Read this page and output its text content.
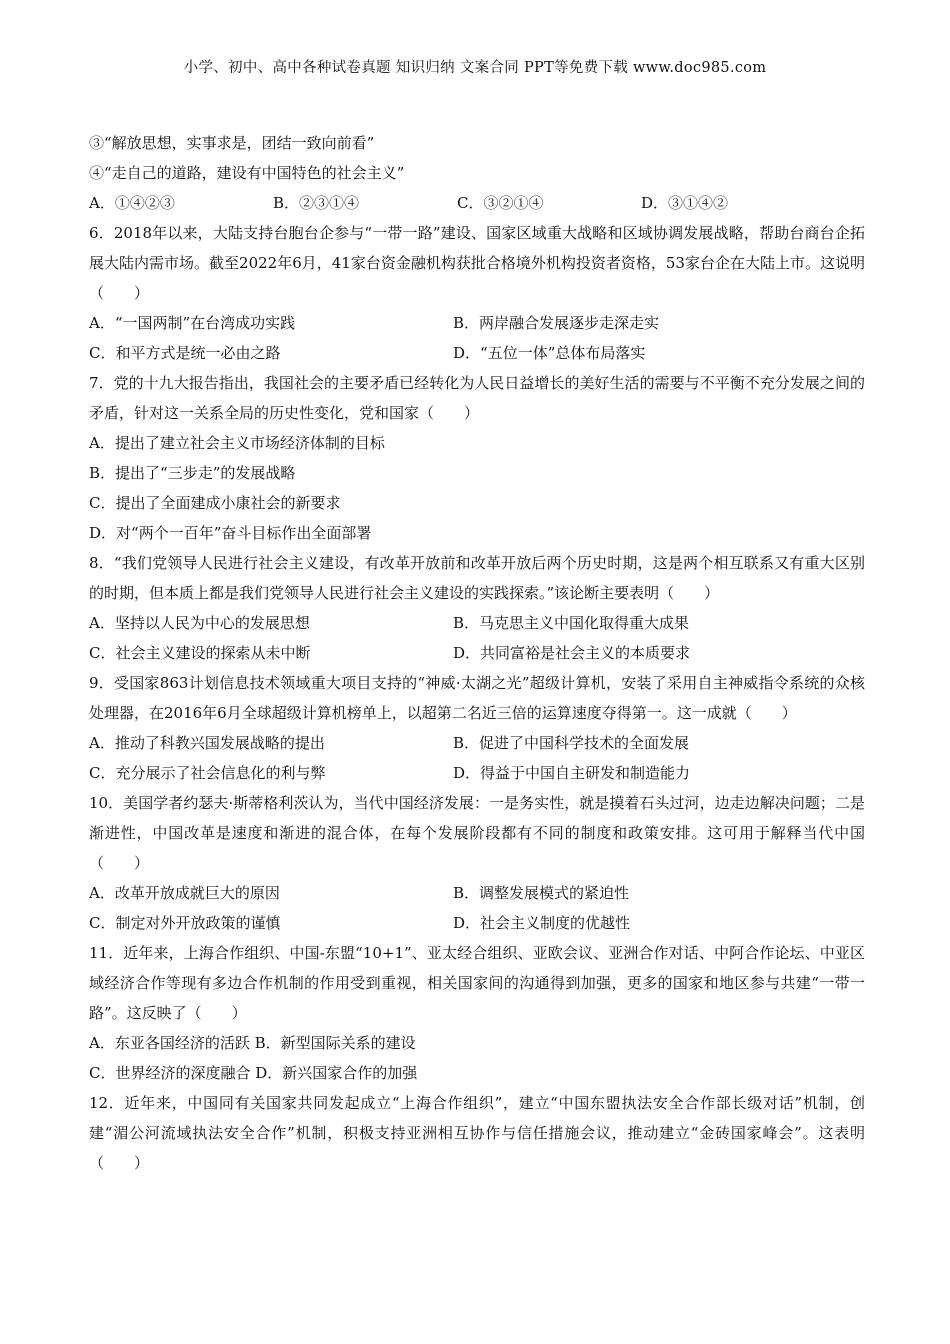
小学、初中、高中各种试卷真题 知识归纳 文案合同 PPT等免费下载 www.doc985.com
③“解放思想，实事求是，团结一致向前看”
④“走自己的道路，建设有中国特色的社会主义”
A．①④②③	B．②③①④	C．③②①④	D．③①④②
6．2018年以来，大陆支持台胞台企参与“一带一路”建设、国家区域重大战略和区域协调发展战略，帮助台商台企拓展大陆内需市场。截至2022年6月，41家台资金融机构获批合格境外机构投资者资格，53家台企在大陆上市。这说明（　　）
A．“一国两制”在台湾成功实践	B．两岸融合发展逐步走深走实
C．和平方式是统一必由之路	D．“五位一体”总体布局落实
7．党的十九大报告指出，我国社会的主要矛盾已经转化为人民日益增长的美好生活的需要与不平衡不充分发展之间的矛盾，针对这一关系全局的历史性变化，党和国家（　　）
A．提出了建立社会主义市场经济体制的目标
B．提出了“三步走”的发展战略
C．提出了全面建成小康社会的新要求
D．对“两个一百年”奋斗目标作出全面部署
8．“我们党领导人民进行社会主义建设，有改革开放前和改革开放后两个历史时期，这是两个相互联系又有重大区别的时期，但本质上都是我们党领导人民进行社会主义建设的实践探索。”该论断主要表明（　　）
A．坚持以人民为中心的发展思想	B．马克思主义中国化取得重大成果
C．社会主义建设的探索从未中断	D．共同富裕是社会主义的本质要求
9．受国家863计划信息技术领域重大项目支持的“神威·太湖之光”超级计算机，安装了采用自主神威指令系统的众核处理器，在2016年6月全球超级计算机榜单上，以超第二名近三倍的运算速度夺得第一。这一成就（　　）
A．推动了科教兴国发展战略的提出	B．促进了中国科学技术的全面发展
C．充分展示了社会信息化的利与弊	D．得益于中国自主研发和制造能力
10．美国学者约瑟夫·斯蒂格利茨认为，当代中国经济发展：一是务实性，就是摸着石头过河，边走边解决问题；二是渐进性，中国改革是速度和渐进的混合体，在每个发展阶段都有不同的制度和政策安排。这可用于解释当代中国（　　）
A．改革开放成就巨大的原因	B．调整发展模式的紧迫性
C．制定对外开放政策的谨慎	D．社会主义制度的优越性
11．近年来，上海合作组织、中国-东盟“10+1”、亚太经合组织、亚欧会议、亚洲合作对话、中阿合作论坛、中亚区域经济合作等现有多边合作机制的作用受到重视，相关国家间的沟通得到加强，更多的国家和地区参与共建“一带一路”。这反映了（　　）
A．东亚各国经济的活跃 B．新型国际关系的建设
C．世界经济的深度融合 D．新兴国家合作的加强
12．近年来，中国同有关国家共同发起成立“上海合作组织”，建立“中国东盟执法安全合作部长级对话”机制，创建“湄公河流域执法安全合作”机制，积极支持亚洲相互协作与信任措施会议，推动建立“金砖国家峰会”。这表明（　　）
